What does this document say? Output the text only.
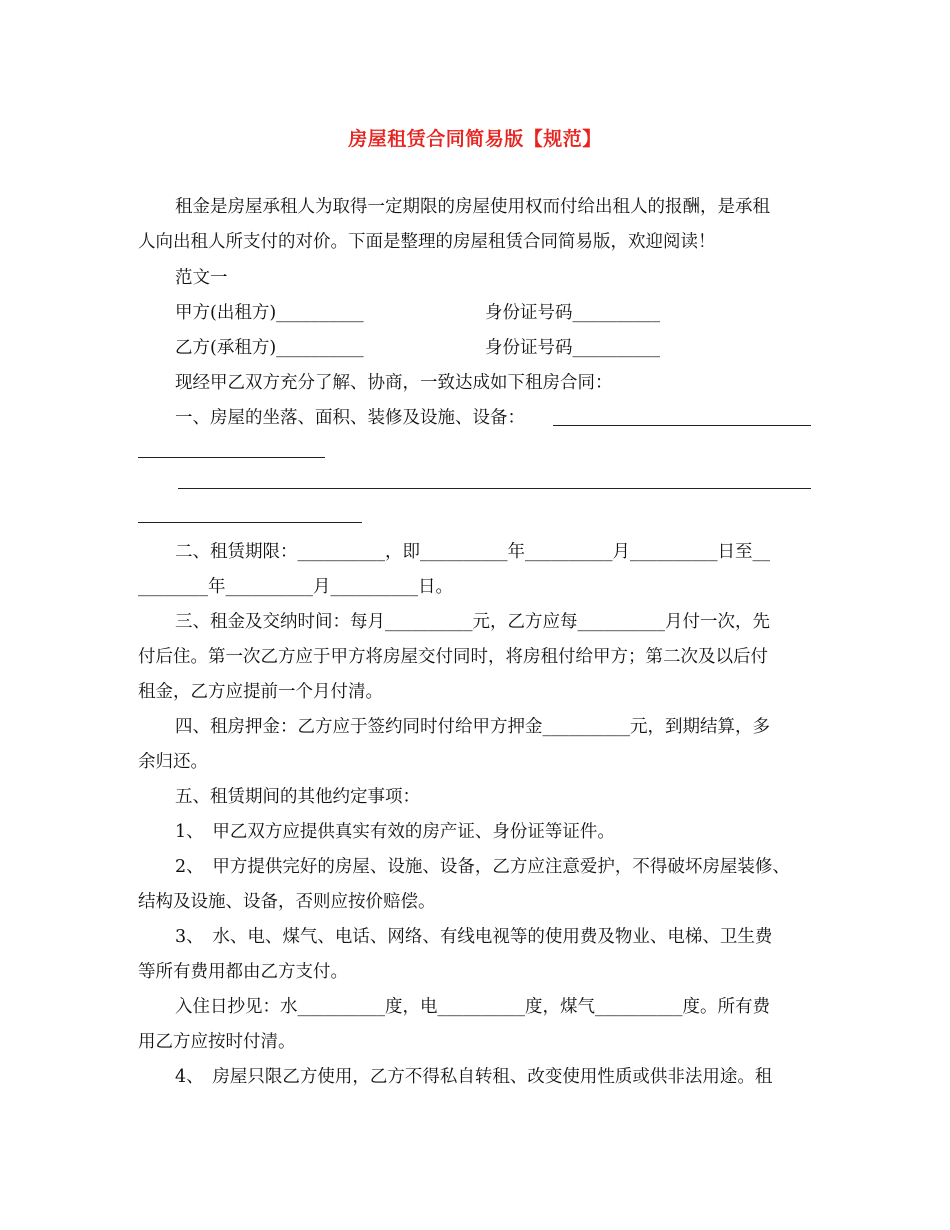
房屋租赁合同简易版【规范】
租金是房屋承租人为取得一定期限的房屋使用权而付给出租人的报酬，是承租
人向出租人所支付的对价。下面是整理的房屋租赁合同简易版，欢迎阅读！
范文一
甲方(出租方)__________	身份证号码__________
乙方(承租方)__________	身份证号码__________
现经甲乙双方充分了解、协商，一致达成如下租房合同：
一、房屋的坐落、面积、装修及设施、设备：
二、租赁期限：__________，即__________年__________月__________日至__
________年__________月__________日。
三、租金及交纳时间：每月__________元，乙方应每__________月付一次，先
付后住。第一次乙方应于甲方将房屋交付同时，将房租付给甲方；第二次及以后付
租金，乙方应提前一个月付清。
四、租房押金：乙方应于签约同时付给甲方押金__________元，到期结算，多
余归还。
五、租赁期间的其他约定事项：
1、　甲乙双方应提供真实有效的房产证、身份证等证件。
2、　甲方提供完好的房屋、设施、设备，乙方应注意爱护，不得破坏房屋装修、
结构及设施、设备，否则应按价赔偿。
3、　水、电、煤气、电话、网络、有线电视等的使用费及物业、电梯、卫生费
等所有费用都由乙方支付。
入住日抄见：水__________度，电__________度，煤气__________度。所有费
用乙方应按时付清。
4、　房屋只限乙方使用，乙方不得私自转租、改变使用性质或供非法用途。租
